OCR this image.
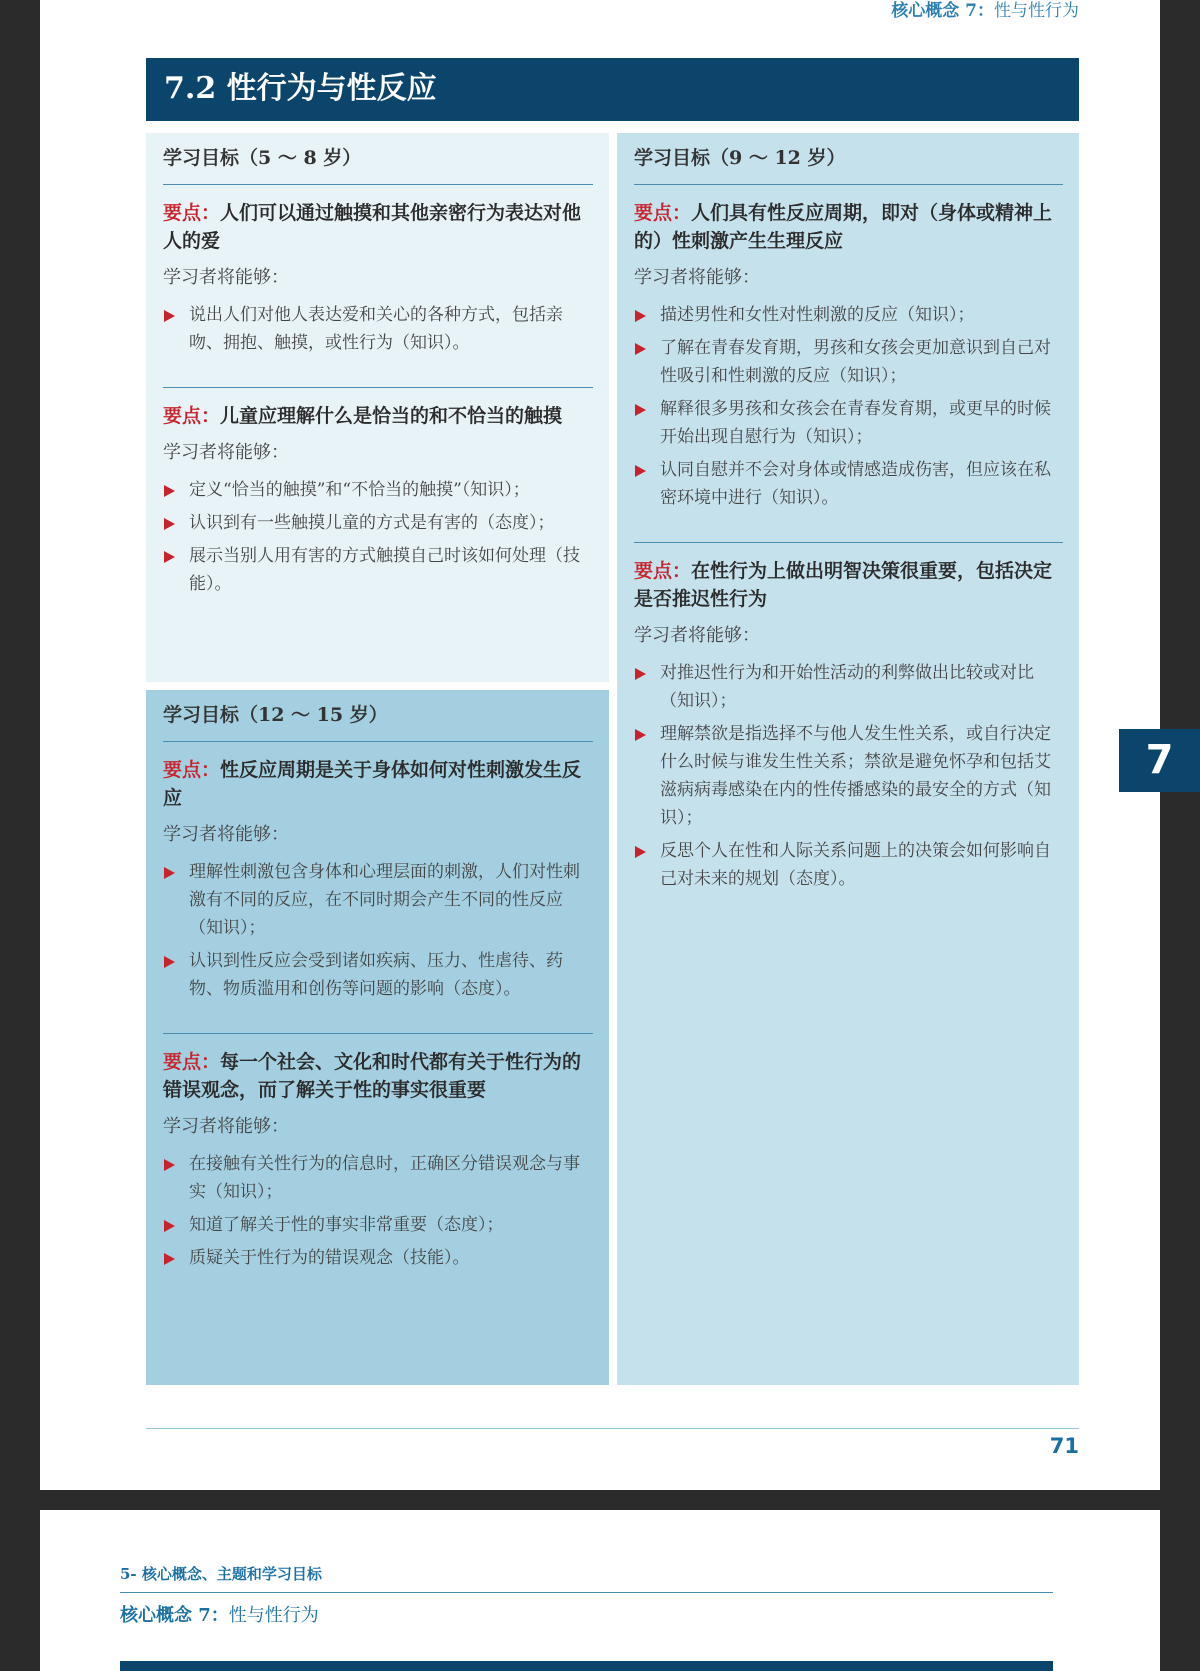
核心概念 7：性与性行为
7.2 性行为与性反应
学习目标（5 ～ 8 岁）

要点：人们可以通过触摸和其他亲密行为表达对他人的爱

学习者将能够：

说出人们对他人表达爱和关心的各种方式，包括亲吻、拥抱、触摸，或性行为（知识）。

要点：儿童应理解什么是恰当的和不恰当的触摸

学习者将能够：

定义“恰当的触摸”和“不恰当的触摸”（知识）；
认识到有一些触摸儿童的方式是有害的（态度）；
展示当别人用有害的方式触摸自己时该如何处理（技能）。
学习目标（12 ～ 15 岁）

要点：性反应周期是关于身体如何对性刺激发生反应

学习者将能够：

理解性刺激包含身体和心理层面的刺激，人们对性刺激有不同的反应，在不同时期会产生不同的性反应（知识）；
认识到性反应会受到诸如疾病、压力、性虐待、药物、物质滥用和创伤等问题的影响（态度）。

要点：每一个社会、文化和时代都有关于性行为的错误观念，而了解关于性的事实很重要

学习者将能够：

在接触有关性行为的信息时，正确区分错误观念与事实（知识）；
知道了解关于性的事实非常重要（态度）；
质疑关于性行为的错误观念（技能）。
学习目标（9 ～ 12 岁）

要点：人们具有性反应周期，即对（身体或精神上的）性刺激产生生理反应

学习者将能够：

描述男性和女性对性刺激的反应（知识）；
了解在青春发育期，男孩和女孩会更加意识到自己对性吸引和性刺激的反应（知识）；
解释很多男孩和女孩会在青春发育期，或更早的时候开始出现自慰行为（知识）；
认同自慰并不会对身体或情感造成伤害，但应该在私密环境中进行（知识）。

要点：在性行为上做出明智决策很重要，包括决定是否推迟性行为

学习者将能够：

对推迟性行为和开始性活动的利弊做出比较或对比（知识）；
理解禁欲是指选择不与他人发生性关系，或自行决定什么时候与谁发生性关系；禁欲是避免怀孕和包括艾滋病病毒感染在内的性传播感染的最安全的方式（知识）；
反思个人在性和人际关系问题上的决策会如何影响自己对未来的规划（态度）。
7
71
5- 核心概念、主题和学习目标
核心概念 7：性与性行为
